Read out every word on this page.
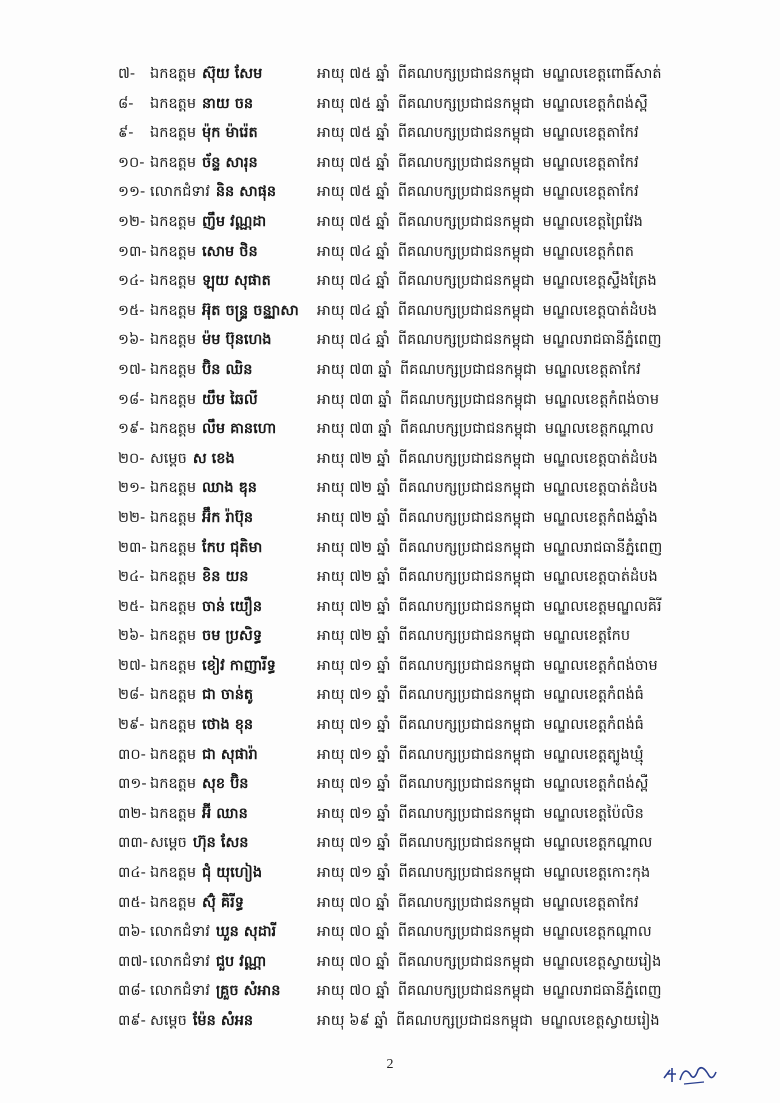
៧- ឯកឧត្តម ស៊ុយ សែម	អាយុ ៧៥ ឆ្នាំ ពីគណបក្សប្រជាជនកម្ពុជា មណ្ឌលខេត្តពោធិ៍សាត់
៨- ឯកឧត្តម នាយ ចន	អាយុ ៧៥ ឆ្នាំ ពីគណបក្សប្រជាជនកម្ពុជា មណ្ឌលខេត្តកំពង់ស្ពឺ
៩- ឯកឧត្តម ម៉ុក ម៉ារ៉េត	អាយុ ៧៥ ឆ្នាំ ពីគណបក្សប្រជាជនកម្ពុជា មណ្ឌលខេត្តតាកែវ
១០- ឯកឧត្តម ច័ន្ទ សារុន	អាយុ ៧៥ ឆ្នាំ ពីគណបក្សប្រជាជនកម្ពុជា មណ្ឌលខេត្តតាកែវ
១១- លោកជំទាវ និន សាផុន	អាយុ ៧៥ ឆ្នាំ ពីគណបក្សប្រជាជនកម្ពុជា មណ្ឌលខេត្តតាកែវ
១២- ឯកឧត្តម ញឹម វណ្ណដា	អាយុ ៧៥ ឆ្នាំ ពីគណបក្សប្រជាជនកម្ពុជា មណ្ឌលខេត្តព្រៃវែង
១៣- ឯកឧត្តម សោម ថិន	អាយុ ៧៤ ឆ្នាំ ពីគណបក្សប្រជាជនកម្ពុជា មណ្ឌលខេត្តកំពត
១៤- ឯកឧត្តម ឡុយ សុផាត	អាយុ ៧៤ ឆ្នាំ ពីគណបក្សប្រជាជនកម្ពុជា មណ្ឌលខេត្តស្ទឹងត្រែង
១៥- ឯកឧត្តម អ៊ុត ចន្ទ្រ ចន្ទ្បាសា អាយុ ៧៤ ឆ្នាំ ពីគណបក្សប្រជាជនកម្ពុជា មណ្ឌលខេត្តបាត់ដំបង
១៦- ឯកឧត្តម ម៉ម ប៊ុនហេង	អាយុ ៧៤ ឆ្នាំ ពីគណបក្សប្រជាជនកម្ពុជា មណ្ឌលរាជធានីភ្នំពេញ
១៧- ឯកឧត្តម ប៊ិន ឈិន	អាយុ ៧៣ ឆ្នាំ ពីគណបក្សប្រជាជនកម្ពុជា មណ្ឌលខេត្តតាកែវ
១៨- ឯកឧត្តម យឹម ឆៃលី	អាយុ ៧៣ ឆ្នាំ ពីគណបក្សប្រជាជនកម្ពុជា មណ្ឌលខេត្តកំពង់ចាម
១៩- ឯកឧត្តម លឹម គានហោ	អាយុ ៧៣ ឆ្នាំ ពីគណបក្សប្រជាជនកម្ពុជា មណ្ឌលខេត្តកណ្ដាល
២០- សម្ដេច ស ខេង	អាយុ ៧២ ឆ្នាំ ពីគណបក្សប្រជាជនកម្ពុជា មណ្ឌលខេត្តបាត់ដំបង
២១- ឯកឧត្តម ឈាង ឌុន	អាយុ ៧២ ឆ្នាំ ពីគណបក្សប្រជាជនកម្ពុជា មណ្ឌលខេត្តបាត់ដំបង
២២- ឯកឧត្តម អ៊ឹក រ៉ាប៊ុន	អាយុ ៧២ ឆ្នាំ ពីគណបក្សប្រជាជនកម្ពុជា មណ្ឌលខេត្តកំពង់ឆ្នាំង
២៣- ឯកឧត្តម កែប ជុតិមា	អាយុ ៧២ ឆ្នាំ ពីគណបក្សប្រជាជនកម្ពុជា មណ្ឌលរាជធានីភ្នំពេញ
២៤- ឯកឧត្តម ខិន យន	អាយុ ៧២ ឆ្នាំ ពីគណបក្សប្រជាជនកម្ពុជា មណ្ឌលខេត្តបាត់ដំបង
២៥- ឯកឧត្តម ចាន់ យឿន	អាយុ ៧២ ឆ្នាំ ពីគណបក្សប្រជាជនកម្ពុជា មណ្ឌលខេត្តមណ្ឌលគិរី
២៦- ឯកឧត្តម ចម ប្រសិទ្ធ	អាយុ ៧២ ឆ្នាំ ពីគណបក្សប្រជាជនកម្ពុជា មណ្ឌលខេត្តកែប
២៧- ឯកឧត្តម ខៀវ កាញារីទ្ធ	អាយុ ៧១ ឆ្នាំ ពីគណបក្សប្រជាជនកម្ពុជា មណ្ឌលខេត្តកំពង់ចាម
២៨- ឯកឧត្តម ជា ចាន់តូ	អាយុ ៧១ ឆ្នាំ ពីគណបក្សប្រជាជនកម្ពុជា មណ្ឌលខេត្តកំពង់ធំ
២៩- ឯកឧត្តម ថោង ខុន	អាយុ ៧១ ឆ្នាំ ពីគណបក្សប្រជាជនកម្ពុជា មណ្ឌលខេត្តកំពង់ធំ
៣០- ឯកឧត្តម ជា សុផារ៉ា	អាយុ ៧១ ឆ្នាំ ពីគណបក្សប្រជាជនកម្ពុជា មណ្ឌលខេត្តត្បូងឃ្មុំ
៣១- ឯកឧត្តម សុខ ប៊ិន	អាយុ ៧១ ឆ្នាំ ពីគណបក្សប្រជាជនកម្ពុជា មណ្ឌលខេត្តកំពង់ស្ពឺ
៣២- ឯកឧត្តម អ៊ី ឈាន	អាយុ ៧១ ឆ្នាំ ពីគណបក្សប្រជាជនកម្ពុជា មណ្ឌលខេត្តប៉ៃលិន
៣៣- សម្ដេច ហ៊ុន សែន	អាយុ ៧១ ឆ្នាំ ពីគណបក្សប្រជាជនកម្ពុជា មណ្ឌលខេត្តកណ្ដាល
៣៤- ឯកឧត្តម ជុំ យុហៀង	អាយុ ៧១ ឆ្នាំ ពីគណបក្សប្រជាជនកម្ពុជា មណ្ឌលខេត្តកោះកុង
៣៥- ឯកឧត្តម ស៊ុំ គិរីទ្ធ	អាយុ ៧០ ឆ្នាំ ពីគណបក្សប្រជាជនកម្ពុជា មណ្ឌលខេត្តតាកែវ
៣៦- លោកជំទាវ ឃួន សុដារី	អាយុ ៧០ ឆ្នាំ ពីគណបក្សប្រជាជនកម្ពុជា មណ្ឌលខេត្តកណ្ដាល
៣៧- លោកជំទាវ ជួប វណ្ណា	អាយុ ៧០ ឆ្នាំ ពីគណបក្សប្រជាជនកម្ពុជា មណ្ឌលខេត្តស្វាយរៀង
៣៨- លោកជំទាវ គ្រួច សំអាន	អាយុ ៧០ ឆ្នាំ ពីគណបក្សប្រជាជនកម្ពុជា មណ្ឌលរាជធានីភ្នំពេញ
៣៩- សម្ដេច ម៉ែន សំអន	អាយុ ៦៩ ឆ្នាំ ពីគណបក្សប្រជាជនកម្ពុជា មណ្ឌលខេត្តស្វាយរៀង
2
